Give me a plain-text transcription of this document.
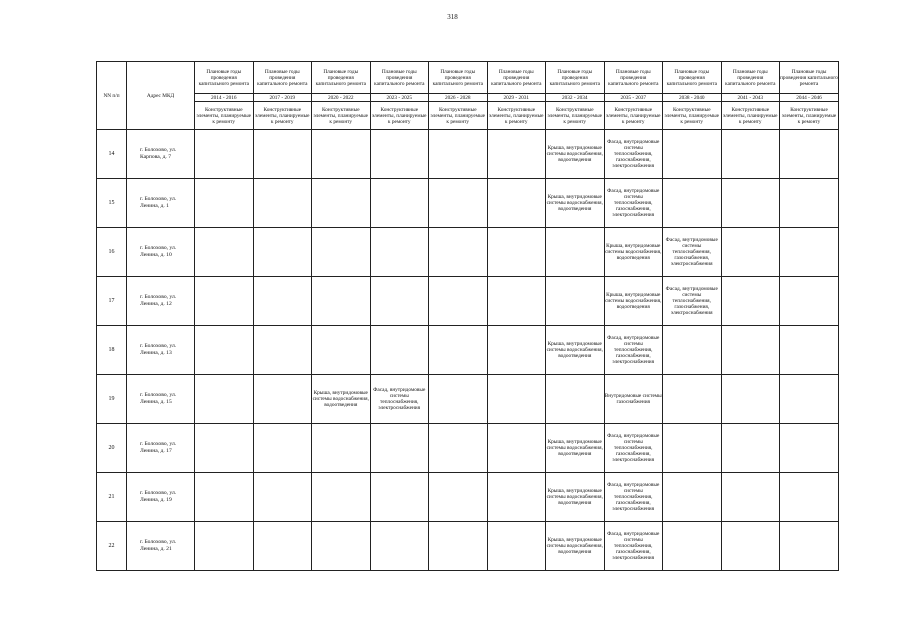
318
NN п/п	Адрес МКД	Плановые годы проведения капитального ремонта	Плановые годы проведения капитального ремонта	Плановые годы проведения капитального ремонта	Плановые годы проведения капитального ремонта	Плановые годы проведения капитального ремонта	Плановые годы проведения капитального ремонта	Плановые годы проведения капитального ремонта	Плановые годы проведения капитального ремонта	Плановые годы проведения капитального ремонта	Плановые годы проведения капитального ремонта	Плановые годы проведения капитального ремонта
		2014 - 2016	2017 - 2019	2020 - 2022	2023 - 2025	2026 - 2028	2029 - 2031	2032 - 2034	2035 - 2037	2038 - 2040	2041 - 2043	2044 - 2046
		Конструктивные элементы, планируемые к ремонту	Конструктивные элементы, планируемые к ремонту	Конструктивные элементы, планируемые к ремонту	Конструктивные элементы, планируемые к ремонту	Конструктивные элементы, планируемые к ремонту	Конструктивные элементы, планируемые к ремонту	Конструктивные элементы, планируемые к ремонту	Конструктивные элементы, планируемые к ремонту	Конструктивные элементы, планируемые к ремонту	Конструктивные элементы, планируемые к ремонту	Конструктивные элементы, планируемые к ремонту
14	г. Болохово, ул. Карпова, д. 7							Крыша, внутридомовые системы водоснабжения, водоотведения	Фасад, внутридомовые системы теплоснабжения, газоснабжения, электроснабжения			
15	г. Болохово, ул. Ленина, д. 1							Крыша, внутридомовые системы водоснабжения, водоотведения	Фасад, внутридомовые системы теплоснабжения, газоснабжения, электроснабжения			
16	г. Болохово, ул. Ленина, д. 10								Крыша, внутридомовые системы водоснабжения, водоотведения	Фасад, внутридомовые системы теплоснабжения, газоснабжения, электроснабжения		
17	г. Болохово, ул. Ленина, д. 12								Крыша, внутридомовые системы водоснабжения, водоотведения	Фасад, внутридомовые системы теплоснабжения, газоснабжения, электроснабжения		
18	г. Болохово, ул. Ленина, д. 13							Крыша, внутридомовые системы водоснабжения, водоотведения	Фасад, внутридомовые системы теплоснабжения, газоснабжения, электроснабжения			
19	г. Болохово, ул. Ленина, д. 15			Крыша, внутридомовые системы водоснабжения, водоотведения	Фасад, внутридомовые системы теплоснабжения, электроснабжения				Внутридомовые системы газоснабжения			
20	г. Болохово, ул. Ленина, д. 17							Крыша, внутридомовые системы водоснабжения, водоотведения	Фасад, внутридомовые системы теплоснабжения, газоснабжения, электроснабжения			
21	г. Болохово, ул. Ленина, д. 19							Крыша, внутридомовые системы водоснабжения, водоотведения	Фасад, внутридомовые системы теплоснабжения, газоснабжения, электроснабжения			
22	г. Болохово, ул. Ленина, д. 21							Крыша, внутридомовые системы водоснабжения, водоотведения	Фасад, внутридомовые системы теплоснабжения, газоснабжения, электроснабжения			
